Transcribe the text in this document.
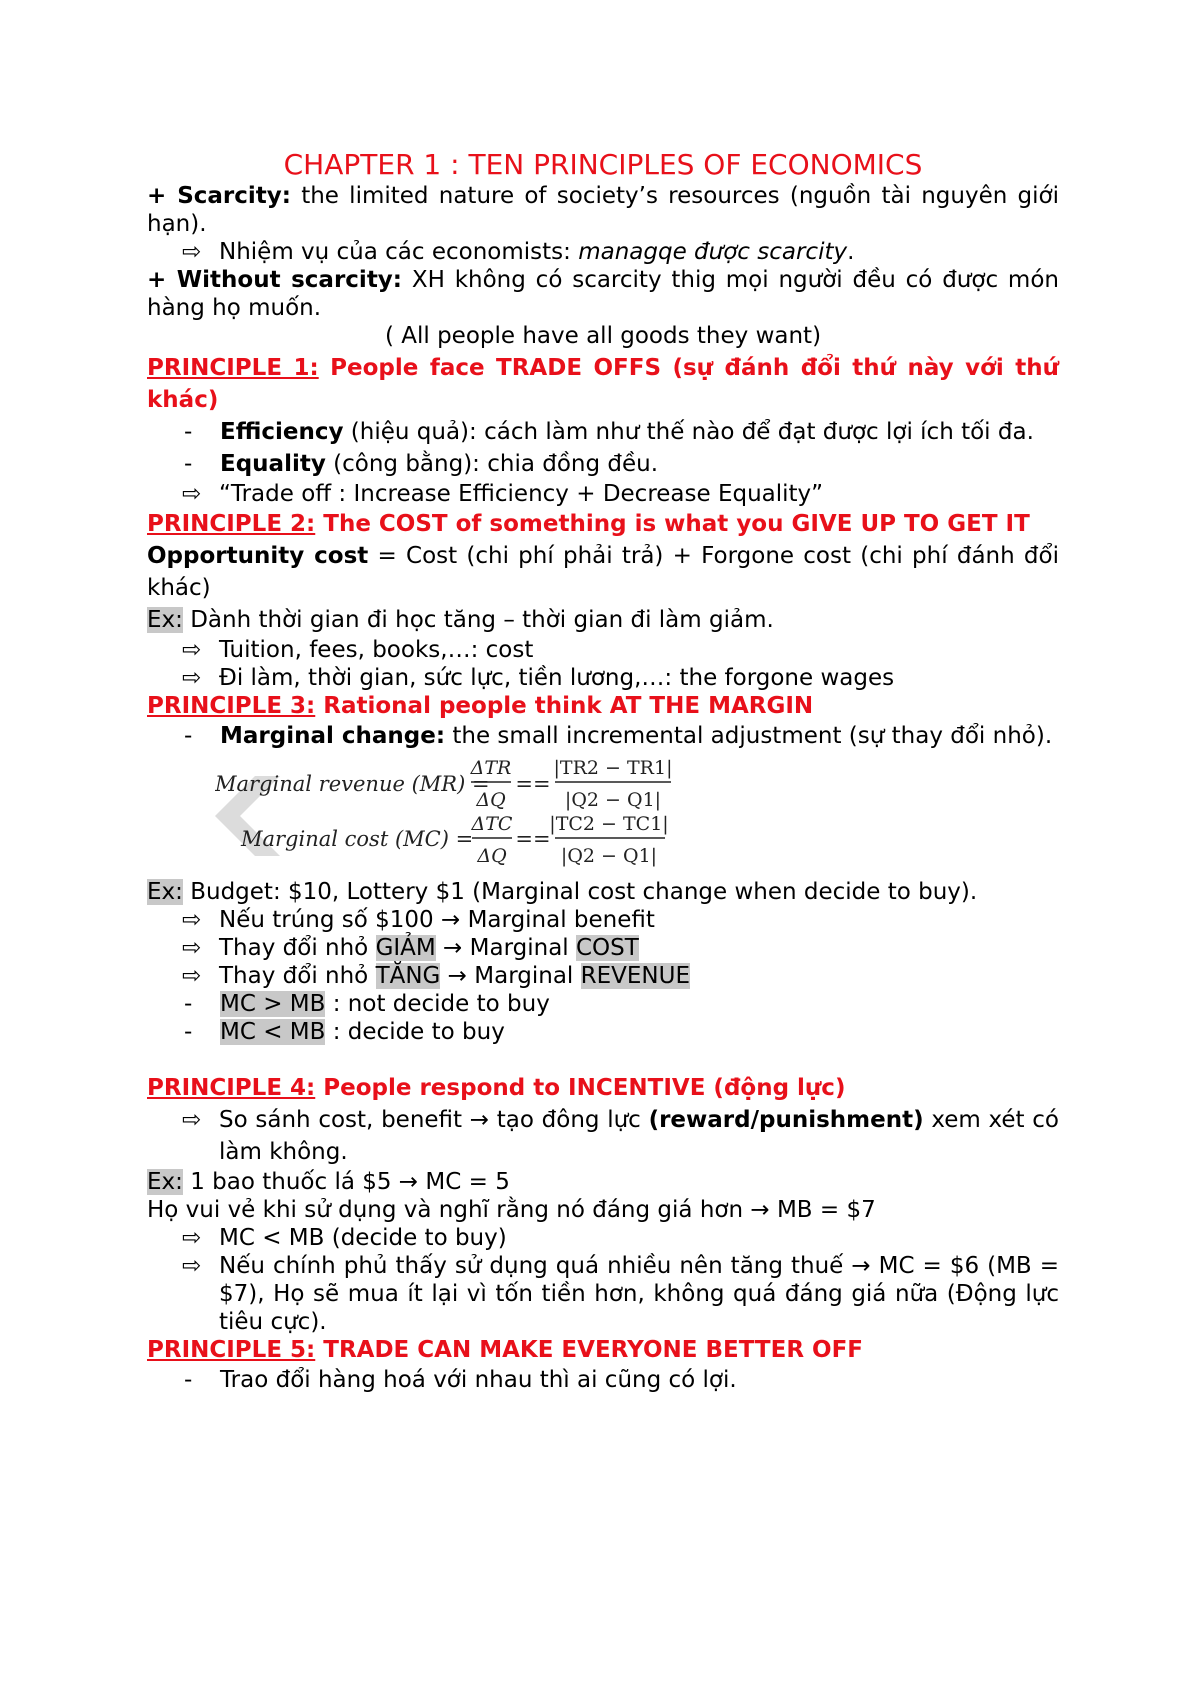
CHAPTER 1 : TEN PRINCIPLES OF ECONOMICS
+ Scarcity: the limited nature of society’s resources (nguồn tài nguyên giới hạn).
⇨ Nhiệm vụ của các economists: managqe được scarcity.
+ Without scarcity: XH không có scarcity thig mọi người đều có được món hàng họ muốn.
( All people have all goods they want)
PRINCIPLE 1: People face TRADE OFFS (sự đánh đổi thứ này với thứ khác)
- Efficiency (hiệu quả): cách làm như thế nào để đạt được lợi ích tối đa.
- Equality (công bằng): chia đồng đều.
⇨ “Trade off : Increase Efficiency + Decrease Equality”
PRINCIPLE 2: The COST of something is what you GIVE UP TO GET IT
Opportunity cost = Cost (chi phí phải trả) + Forgone cost (chi phí đánh đổi khác)
Ex: Dành thời gian đi học tăng – thời gian đi làm giảm.
⇨ Tuition, fees, books,…: cost
⇨ Đi làm, thời gian, sức lực, tiền lương,…: the forgone wages
PRINCIPLE 3: Rational people think AT THE MARGIN
- Marginal change: the small incremental adjustment (sự thay đổi nhỏ).
Marginal revenue (MR) =
ΔTR
ΔQ
==
|TR2 − TR1|
|Q2 − Q1|
Marginal cost (MC) =
ΔTC
ΔQ
==
|TC2 − TC1|
|Q2 − Q1|
Ex: Budget: $10, Lottery $1 (Marginal cost change when decide to buy).
⇨ Nếu trúng số $100 → Marginal benefit
⇨ Thay đổi nhỏ GIẢM → Marginal COST
⇨ Thay đổi nhỏ TĂNG → Marginal REVENUE
- MC > MB : not decide to buy
- MC < MB : decide to buy
PRINCIPLE 4: People respond to INCENTIVE (động lực)
⇨ So sánh cost, benefit → tạo đông lực (reward/punishment) xem xét có làm không.
Ex: 1 bao thuốc lá $5 → MC = 5
Họ vui vẻ khi sử dụng và nghĩ rằng nó đáng giá hơn → MB = $7
⇨ MC < MB (decide to buy)
⇨ Nếu chính phủ thấy sử dụng quá nhiều nên tăng thuế → MC = $6 (MB = $7), Họ sẽ mua ít lại vì tốn tiền hơn, không quá đáng giá nữa (Động lực tiêu cực).
PRINCIPLE 5: TRADE CAN MAKE EVERYONE BETTER OFF
- Trao đổi hàng hoá với nhau thì ai cũng có lợi.
